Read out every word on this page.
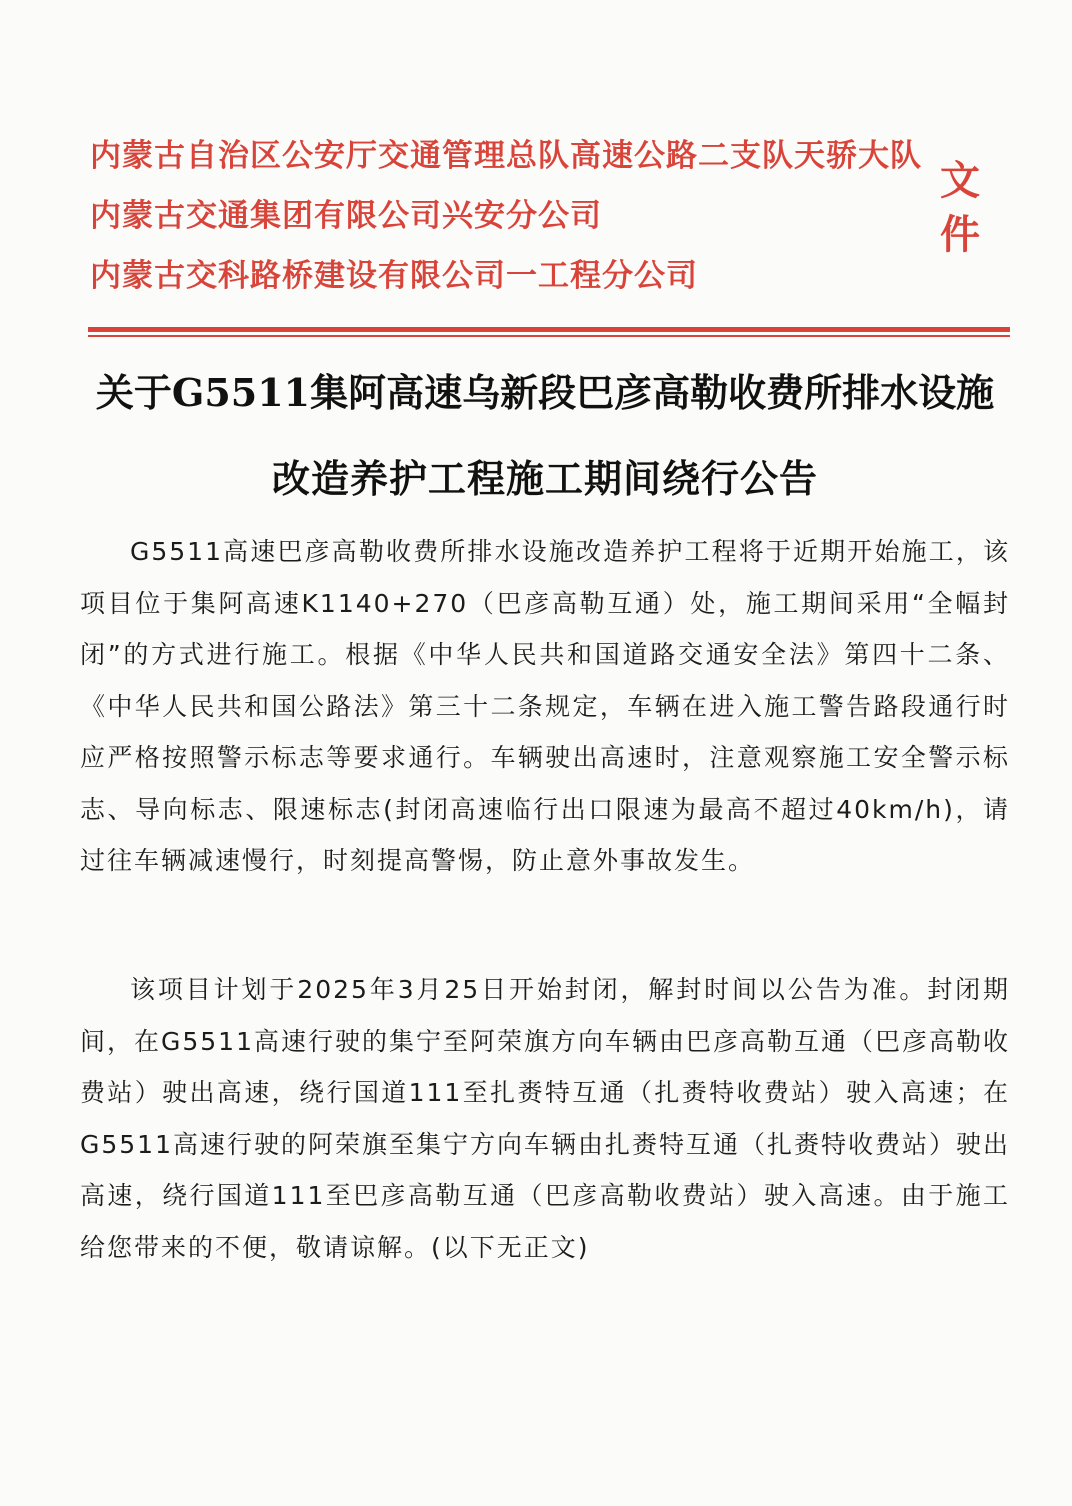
内蒙古自治区公安厅交通管理总队高速公路二支队天骄大队
内蒙古交通集团有限公司兴安分公司
内蒙古交科路桥建设有限公司一工程分公司
文件
关于G5511集阿高速乌新段巴彦高勒收费所排水设施
改造养护工程施工期间绕行公告
G5511高速巴彦高勒收费所排水设施改造养护工程将于近期开始施工，该项目位于集阿高速K1140+270（巴彦高勒互通）处，施工期间采用“全幅封闭”的方式进行施工。根据《中华人民共和国道路交通安全法》第四十二条、《中华人民共和国公路法》第三十二条规定，车辆在进入施工警告路段通行时应严格按照警示标志等要求通行。车辆驶出高速时，注意观察施工安全警示标志、导向标志、限速标志(封闭高速临行出口限速为最高不超过40km/h)，请过往车辆减速慢行，时刻提高警惕，防止意外事故发生。
该项目计划于2025年3月25日开始封闭，解封时间以公告为准。封闭期间，在G5511高速行驶的集宁至阿荣旗方向车辆由巴彦高勒互通（巴彦高勒收费站）驶出高速，绕行国道111至扎赉特互通（扎赉特收费站）驶入高速；在G5511高速行驶的阿荣旗至集宁方向车辆由扎赉特互通（扎赉特收费站）驶出高速，绕行国道111至巴彦高勒互通（巴彦高勒收费站）驶入高速。由于施工给您带来的不便，敬请谅解。(以下无正文)
